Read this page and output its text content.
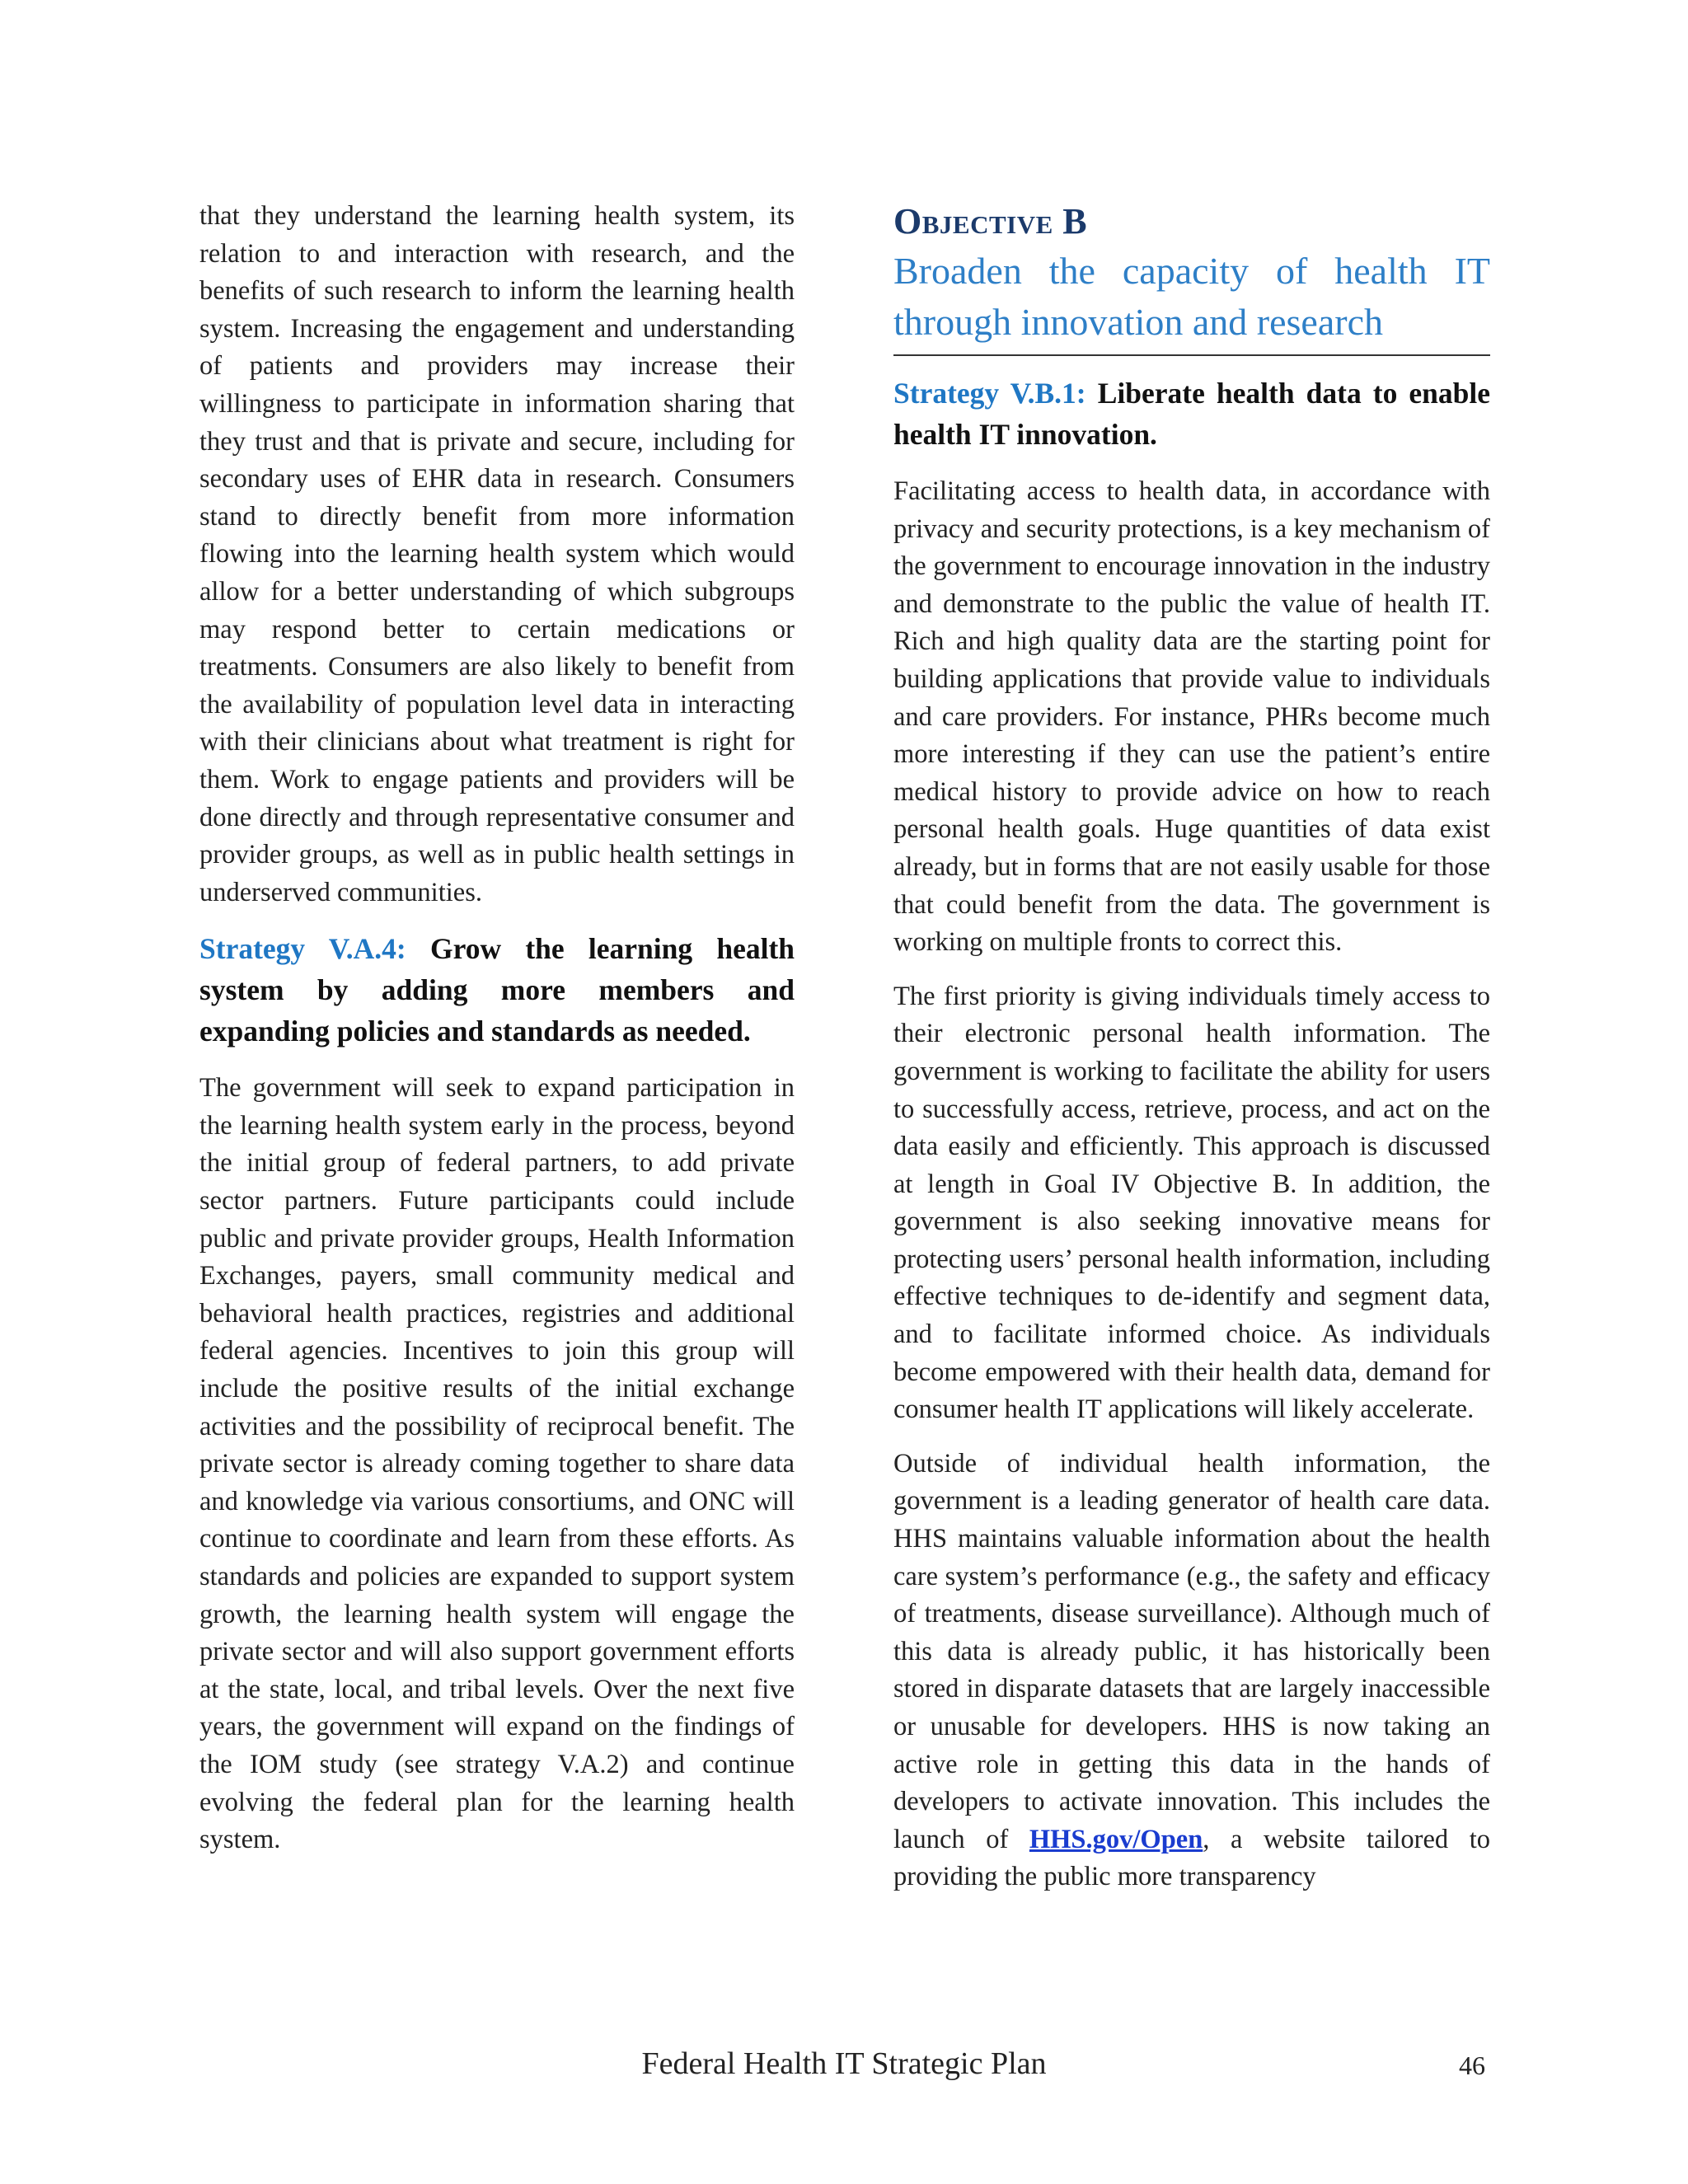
that they understand the learning health system, its relation to and interaction with research, and the benefits of such research to inform the learning health system. Increasing the engagement and understanding of patients and providers may increase their willingness to participate in information sharing that they trust and that is private and secure, including for secondary uses of EHR data in research. Consumers stand to directly benefit from more information flowing into the learning health system which would allow for a better understanding of which subgroups may respond better to certain medications or treatments. Consumers are also likely to benefit from the availability of population level data in interacting with their clinicians about what treatment is right for them. Work to engage patients and providers will be done directly and through representative consumer and provider groups, as well as in public health settings in underserved communities.

Strategy V.A.4: Grow the learning health system by adding more members and expanding policies and standards as needed.

The government will seek to expand participation in the learning health system early in the process, beyond the initial group of federal partners, to add private sector partners. Future participants could include public and private provider groups, Health Information Exchanges, payers, small community medical and behavioral health practices, registries and additional federal agencies. Incentives to join this group will include the positive results of the initial exchange activities and the possibility of reciprocal benefit. The private sector is already coming together to share data and knowledge via various consortiums, and ONC will continue to coordinate and learn from these efforts. As standards and policies are expanded to support system growth, the learning health system will engage the private sector and will also support government efforts at the state, local, and tribal levels. Over the next five years, the government will expand on the findings of the IOM study (see strategy V.A.2) and continue evolving the federal plan for the learning health system.

Objective B
Broaden the capacity of health IT through innovation and research
Strategy V.B.1: Liberate health data to enable health IT innovation.

Facilitating access to health data, in accordance with privacy and security protections, is a key mechanism of the government to encourage innovation in the industry and demonstrate to the public the value of health IT. Rich and high quality data are the starting point for building applications that provide value to individuals and care providers. For instance, PHRs become much more interesting if they can use the patient’s entire medical history to provide advice on how to reach personal health goals. Huge quantities of data exist already, but in forms that are not easily usable for those that could benefit from the data. The government is working on multiple fronts to correct this.

The first priority is giving individuals timely access to their electronic personal health information. The government is working to facilitate the ability for users to successfully access, retrieve, process, and act on the data easily and efficiently. This approach is discussed at length in Goal IV Objective B. In addition, the government is also seeking innovative means for protecting users’ personal health information, including effective techniques to de-identify and segment data, and to facilitate informed choice. As individuals become empowered with their health data, demand for consumer health IT applications will likely accelerate.

Outside of individual health information, the government is a leading generator of health care data. HHS maintains valuable information about the health care system’s performance (e.g., the safety and efficacy of treatments, disease surveillance). Although much of this data is already public, it has historically been stored in disparate datasets that are largely inaccessible or unusable for developers. HHS is now taking an active role in getting this data in the hands of developers to activate innovation. This includes the launch of HHS.gov/Open, a website tailored to providing the public more transparency

Federal Health IT Strategic Plan	46
